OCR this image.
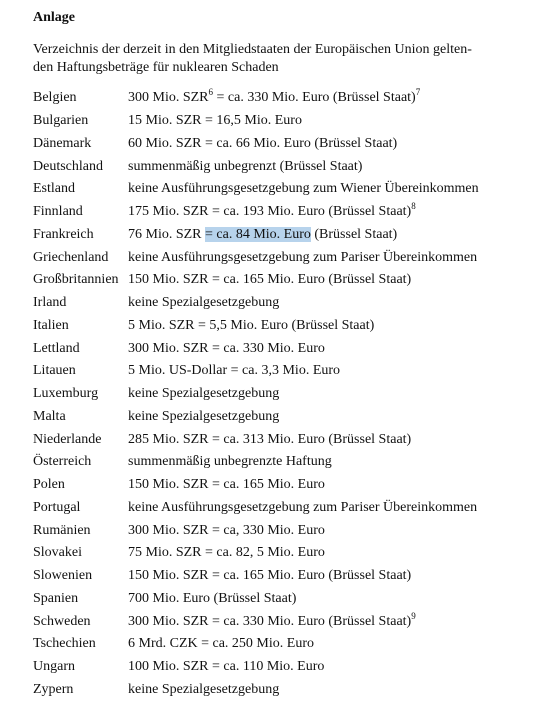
Anlage
Verzeichnis der derzeit in den Mitgliedstaaten der Europäischen Union gelten-
den Haftungsbeträge für nuklearen Schaden
Belgien	300 Mio. $SZR^6$ = ca. 330 Mio. Euro (Brüssel Staat)$^7$
Bulgarien	15 Mio. SZR = 16,5 Mio. Euro
Dänemark	60 Mio. SZR = ca. 66 Mio. Euro (Brüssel Staat)
Deutschland	summenmäßig unbegrenzt (Brüssel Staat)
Estland	keine Ausführungsgesetzgebung zum Wiener Übereinkommen
Finnland	175 Mio. SZR = ca. 193 Mio. Euro (Brüssel Staat)$^8$
Frankreich	76 Mio. SZR = ca. 84 Mio. Euro (Brüssel Staat)
Griechenland	keine Ausführungsgesetzgebung zum Pariser Übereinkommen
Großbritannien 150 Mio. SZR = ca. 165 Mio. Euro (Brüssel Staat)
Irland	keine Spezialgesetzgebung
Italien	5 Mio. SZR = 5,5 Mio. Euro (Brüssel Staat)
Lettland	300 Mio. SZR = ca. 330 Mio. Euro
Litauen	5 Mio. US-Dollar = ca. 3,3 Mio. Euro
Luxemburg	keine Spezialgesetzgebung
Malta	keine Spezialgesetzgebung
Niederlande	285 Mio. SZR = ca. 313 Mio. Euro (Brüssel Staat)
Österreich	summenmäßig unbegrenzte Haftung
Polen	150 Mio. SZR = ca. 165 Mio. Euro
Portugal	keine Ausführungsgesetzgebung zum Pariser Übereinkommen
Rumänien	300 Mio. SZR = ca, 330 Mio. Euro
Slovakei	75 Mio. SZR = ca. 82, 5 Mio. Euro
Slowenien	150 Mio. SZR = ca. 165 Mio. Euro (Brüssel Staat)
Spanien	700 Mio. Euro (Brüssel Staat)
Schweden	300 Mio. SZR = ca. 330 Mio. Euro (Brüssel Staat)$^9$
Tschechien	6 Mrd. CZK = ca. 250 Mio. Euro
Ungarn	100 Mio. SZR = ca. 110 Mio. Euro
Zypern	keine Spezialgesetzgebung
